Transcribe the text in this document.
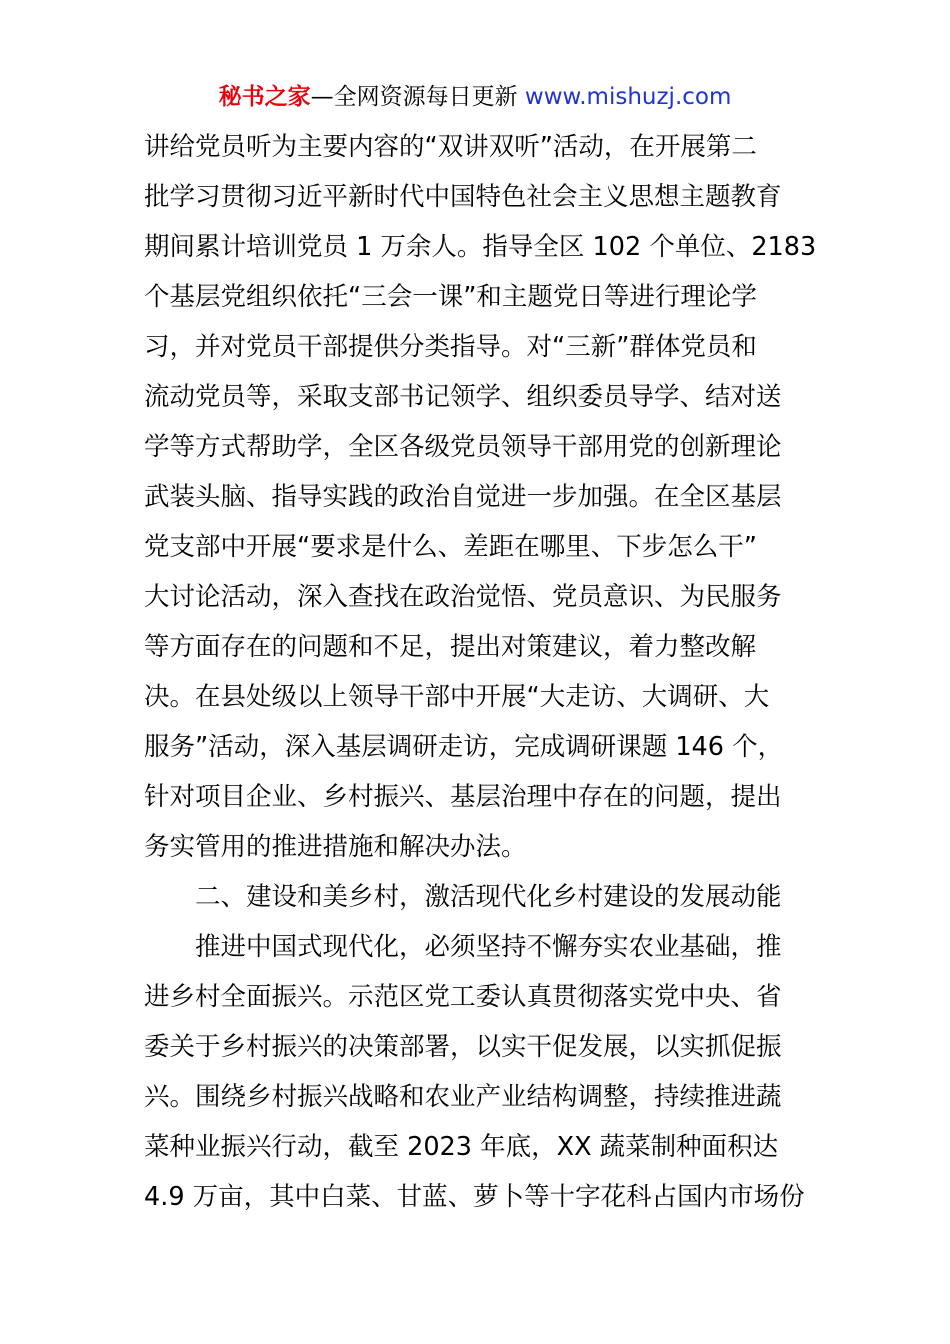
秘书之家—全网资源每日更新 www.mishuzj.com
讲给党员听为主要内容的“双讲双听”活动，在开展第二
批学习贯彻习近平新时代中国特色社会主义思想主题教育
期间累计培训党员 1 万余人。指导全区 102 个单位、2183
个基层党组织依托“三会一课”和主题党日等进行理论学
习，并对党员干部提供分类指导。对“三新”群体党员和
流动党员等，采取支部书记领学、组织委员导学、结对送
学等方式帮助学，全区各级党员领导干部用党的创新理论
武装头脑、指导实践的政治自觉进一步加强。在全区基层
党支部中开展“要求是什么、差距在哪里、下步怎么干”
大讨论活动，深入查找在政治觉悟、党员意识、为民服务
等方面存在的问题和不足，提出对策建议，着力整改解
决。在县处级以上领导干部中开展“大走访、大调研、大
服务”活动，深入基层调研走访，完成调研课题 146 个，
针对项目企业、乡村振兴、基层治理中存在的问题，提出
务实管用的推进措施和解决办法。
二、建设和美乡村，激活现代化乡村建设的发展动能
推进中国式现代化，必须坚持不懈夯实农业基础，推
进乡村全面振兴。示范区党工委认真贯彻落实党中央、省
委关于乡村振兴的决策部署，以实干促发展，以实抓促振
兴。围绕乡村振兴战略和农业产业结构调整，持续推进蔬
菜种业振兴行动，截至 2023 年底，XX 蔬菜制种面积达
4.9 万亩，其中白菜、甘蓝、萝卜等十字花科占国内市场份
